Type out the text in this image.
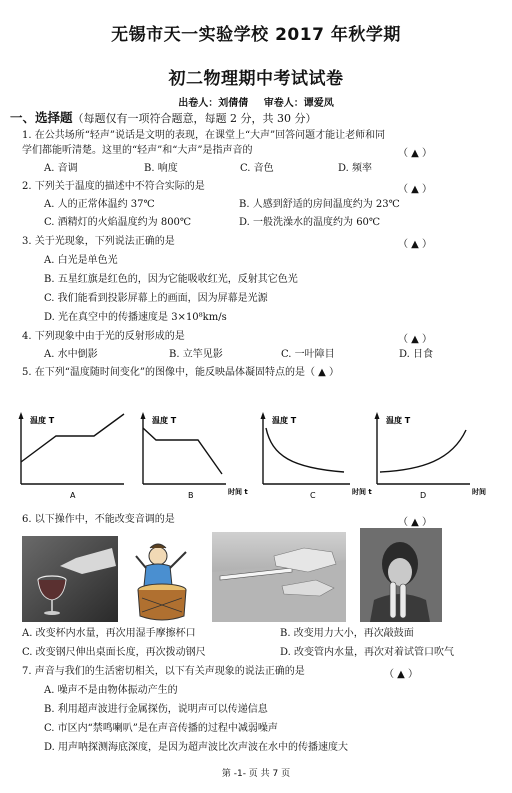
无锡市天一实验学校 2017 年秋学期
初二物理期中考试试卷
出卷人：刘倩倩 审卷人：谭爱凤
一、选择题（每题仅有一项符合题意，每题 2 分，共 30 分）
1. 在公共场所“轻声”说话是文明的表现，在课堂上“大声”回答问题才能让老师和同
学们都能听清楚。这里的“轻声”和“大声”是指声音的	（ ▲ ）
A. 音调	B. 响度	C. 音色	D. 频率
2. 下列关于温度的描述中不符合实际的是	（ ▲ ）
A. 人的正常体温约 37℃	B. 人感到舒适的房间温度约为 23℃
C. 酒精灯的火焰温度约为 800℃	D. 一般洗澡水的温度约为 60℃
3. 关于光现象，下列说法正确的是	（ ▲ ）
A. 白光是单色光
B. 五星红旗是红色的，因为它能吸收红光，反射其它色光
C. 我们能看到投影屏幕上的画面，因为屏幕是光源
D. 光在真空中的传播速度是 3×10⁸km/s
4. 下列现象中由于光的反射形成的是	（ ▲ ）
A. 水中倒影	B. 立竿见影	C. 一叶障目	D. 日食
5. 在下列“温度随时间变化”的图像中，能反映晶体凝固特点的是（ ▲ ）
温度 T
A
温度 T
B	时间 t
温度 T
C	时间 t
温度 T
D	时间
6. 以下操作中，不能改变音调的是	（ ▲ ）
A. 改变杯内水量，再次用湿手摩擦杯口	B. 改变用力大小，再次敲鼓面
C. 改变钢尺伸出桌面长度，再次拨动钢尺	D. 改变管内水量，再次对着试管口吹气
7. 声音与我们的生活密切相关，以下有关声现象的说法正确的是	（ ▲ ）
A. 噪声不是由物体振动产生的
B. 利用超声波进行金属探伤，说明声可以传递信息
C. 市区内“禁鸣喇叭”是在声音传播的过程中减弱噪声
D. 用声呐探测海底深度，是因为超声波比次声波在水中的传播速度大
第 -1- 页 共 7 页
